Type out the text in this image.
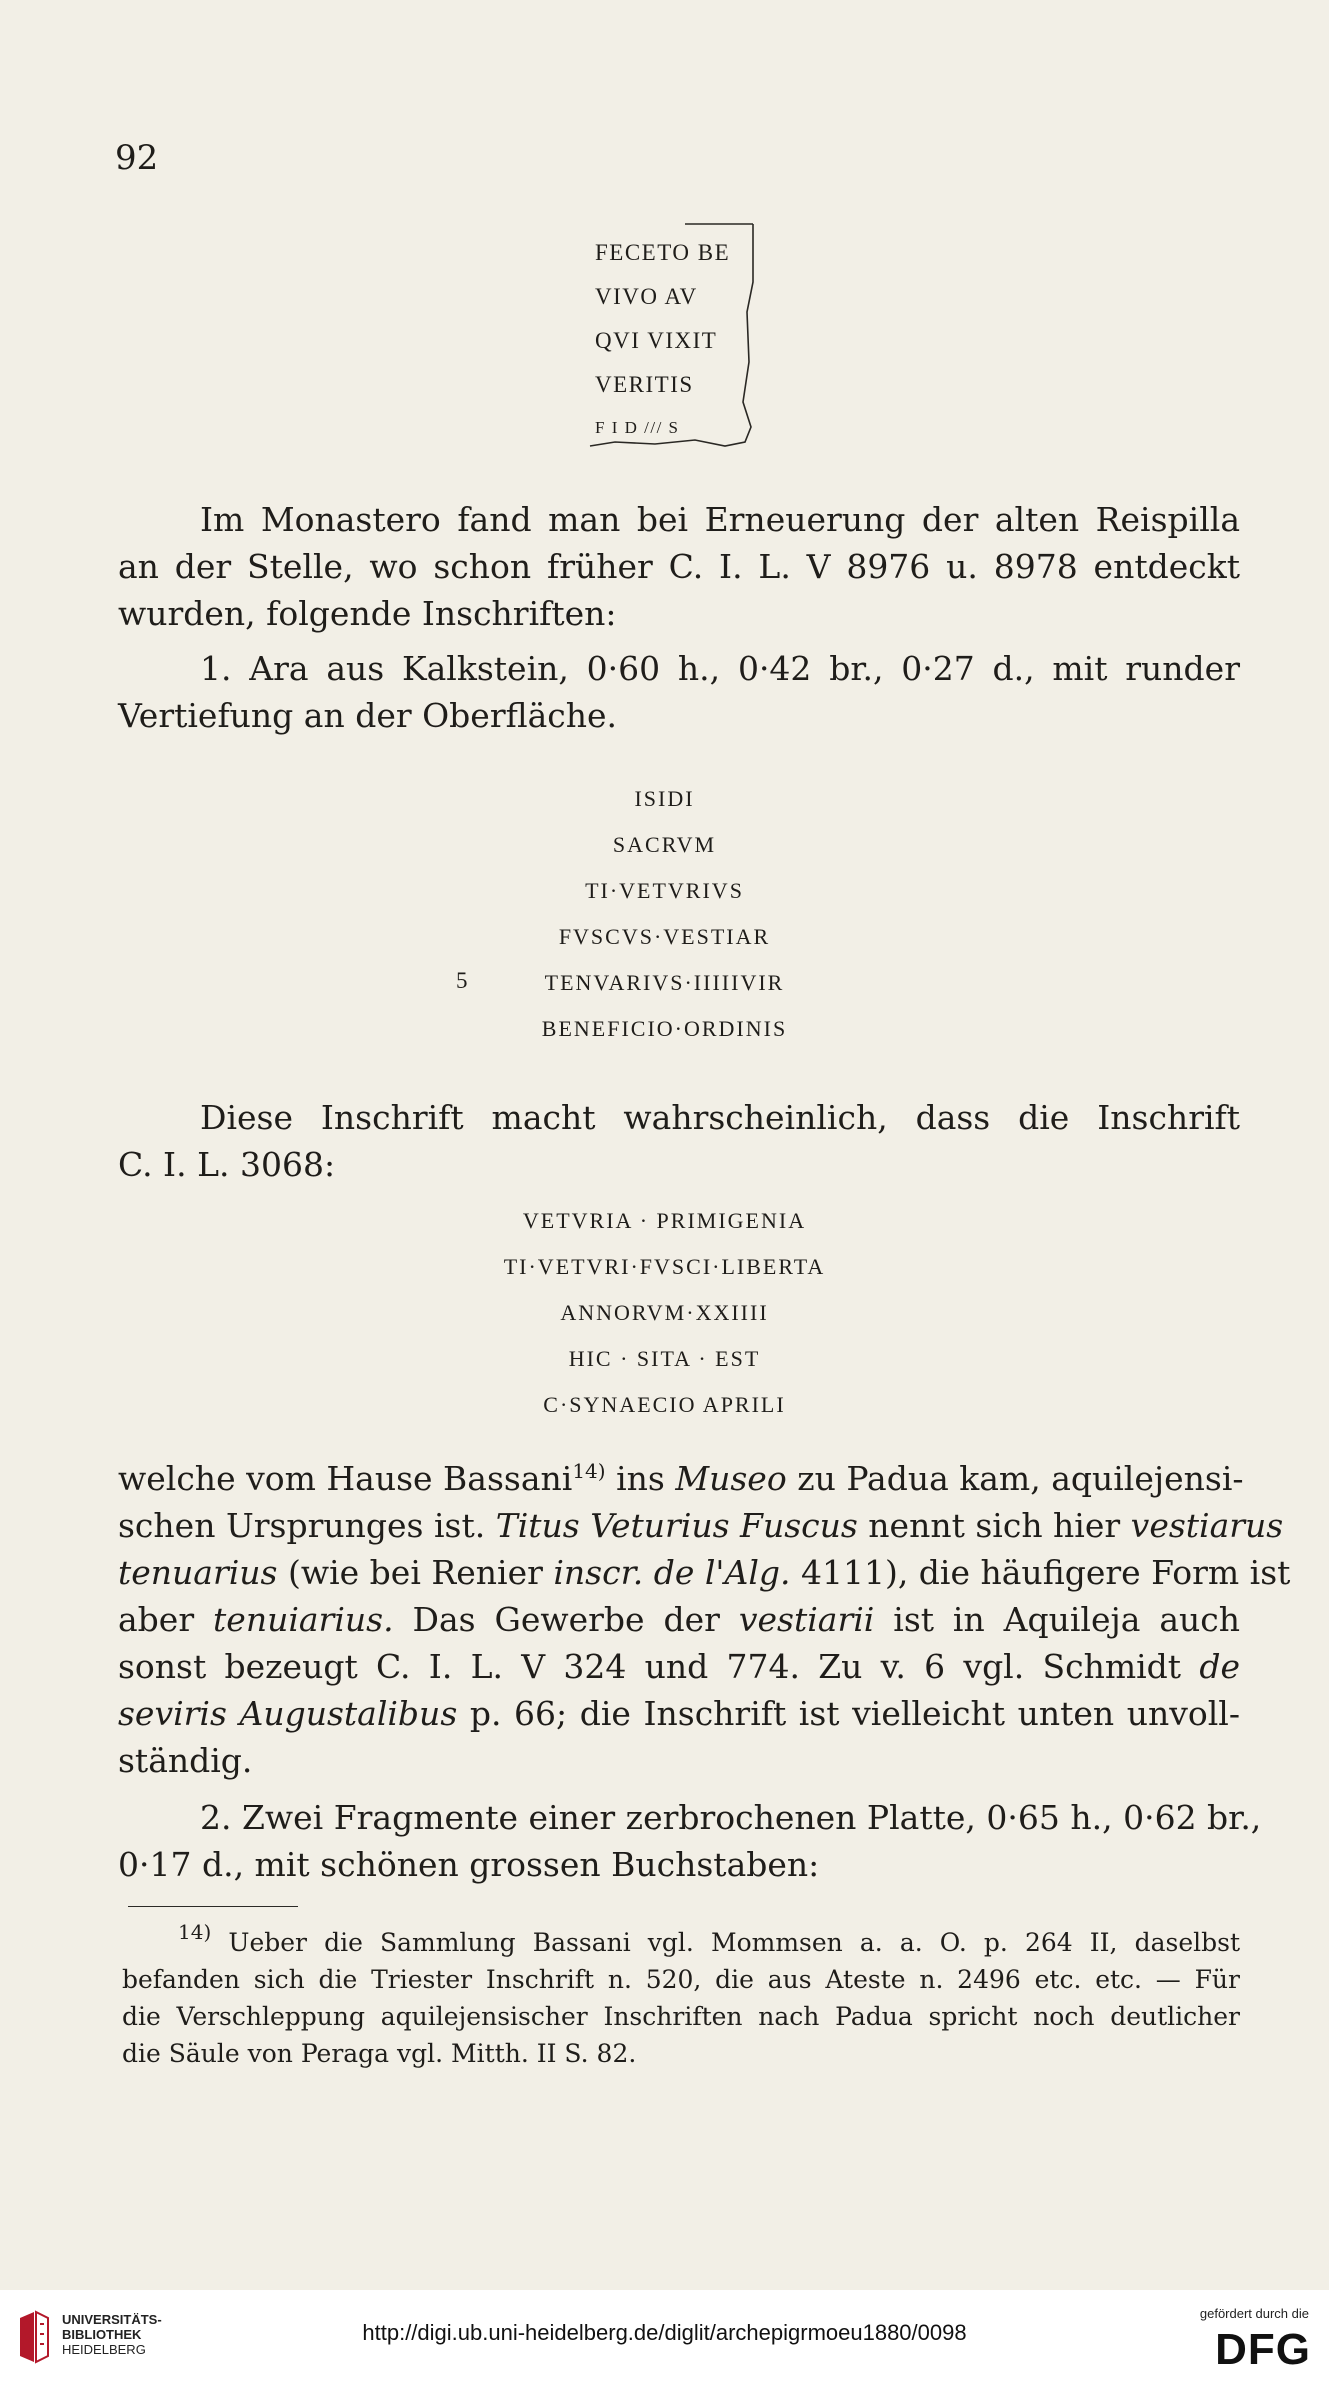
92
FECETO BE
VIVO AV
QVI VIXIT
VERITIS
F I D /// S
Im Monastero fand man bei Erneuerung der alten Reispilla
an der Stelle, wo schon früher C. I. L. V 8976 u. 8978 entdeckt
wurden, folgende Inschriften:
1. Ara aus Kalkstein, 0·60 h., 0·42 br., 0·27 d., mit runder
Vertiefung an der Oberfläche.
ISIDI
SACRVM
TI·VETVRIVS
FVSCVS·VESTIAR
TENVARIVS·IIIIIVIR
BENEFICIO·ORDINIS
5
Diese Inschrift macht wahrscheinlich, dass die Inschrift
C. I. L. 3068:
VETVRIA · PRIMIGENIA
TI·VETVRI·FVSCI·LIBERTA
ANNORVM·XXIIII
HIC · SITA · EST
C·SYNAECIO APRILI
welche vom Hause Bassani$^{14)}$ ins Museo zu Padua kam, aquilejensi-
schen Ursprunges ist. Titus Veturius Fuscus nennt sich hier vestiarus
tenuarius (wie bei Renier inscr. de l'Alg. 4111), die häufigere Form ist
aber tenuiarius. Das Gewerbe der vestiarii ist in Aquileja auch
sonst bezeugt C. I. L. V 324 und 774. Zu v. 6 vgl. Schmidt de
seviris Augustalibus p. 66; die Inschrift ist vielleicht unten unvoll-
ständig.
2. Zwei Fragmente einer zerbrochenen Platte, 0·65 h., 0·62 br.,
0·17 d., mit schönen grossen Buchstaben:
$^{14)}$ Ueber die Sammlung Bassani vgl. Mommsen a. a. O. p. 264 II, daselbst
befanden sich die Triester Inschrift n. 520, die aus Ateste n. 2496 etc. etc. — Für
die Verschleppung aquilejensischer Inschriften nach Padua spricht noch deutlicher
die Säule von Peraga vgl. Mitth. II S. 82.
UNIVERSITÄTS-
BIBLIOTHEK
HEIDELBERG
http://digi.ub.uni-heidelberg.de/diglit/archepigrmoeu1880/0098
gefördert durch die
DFG
